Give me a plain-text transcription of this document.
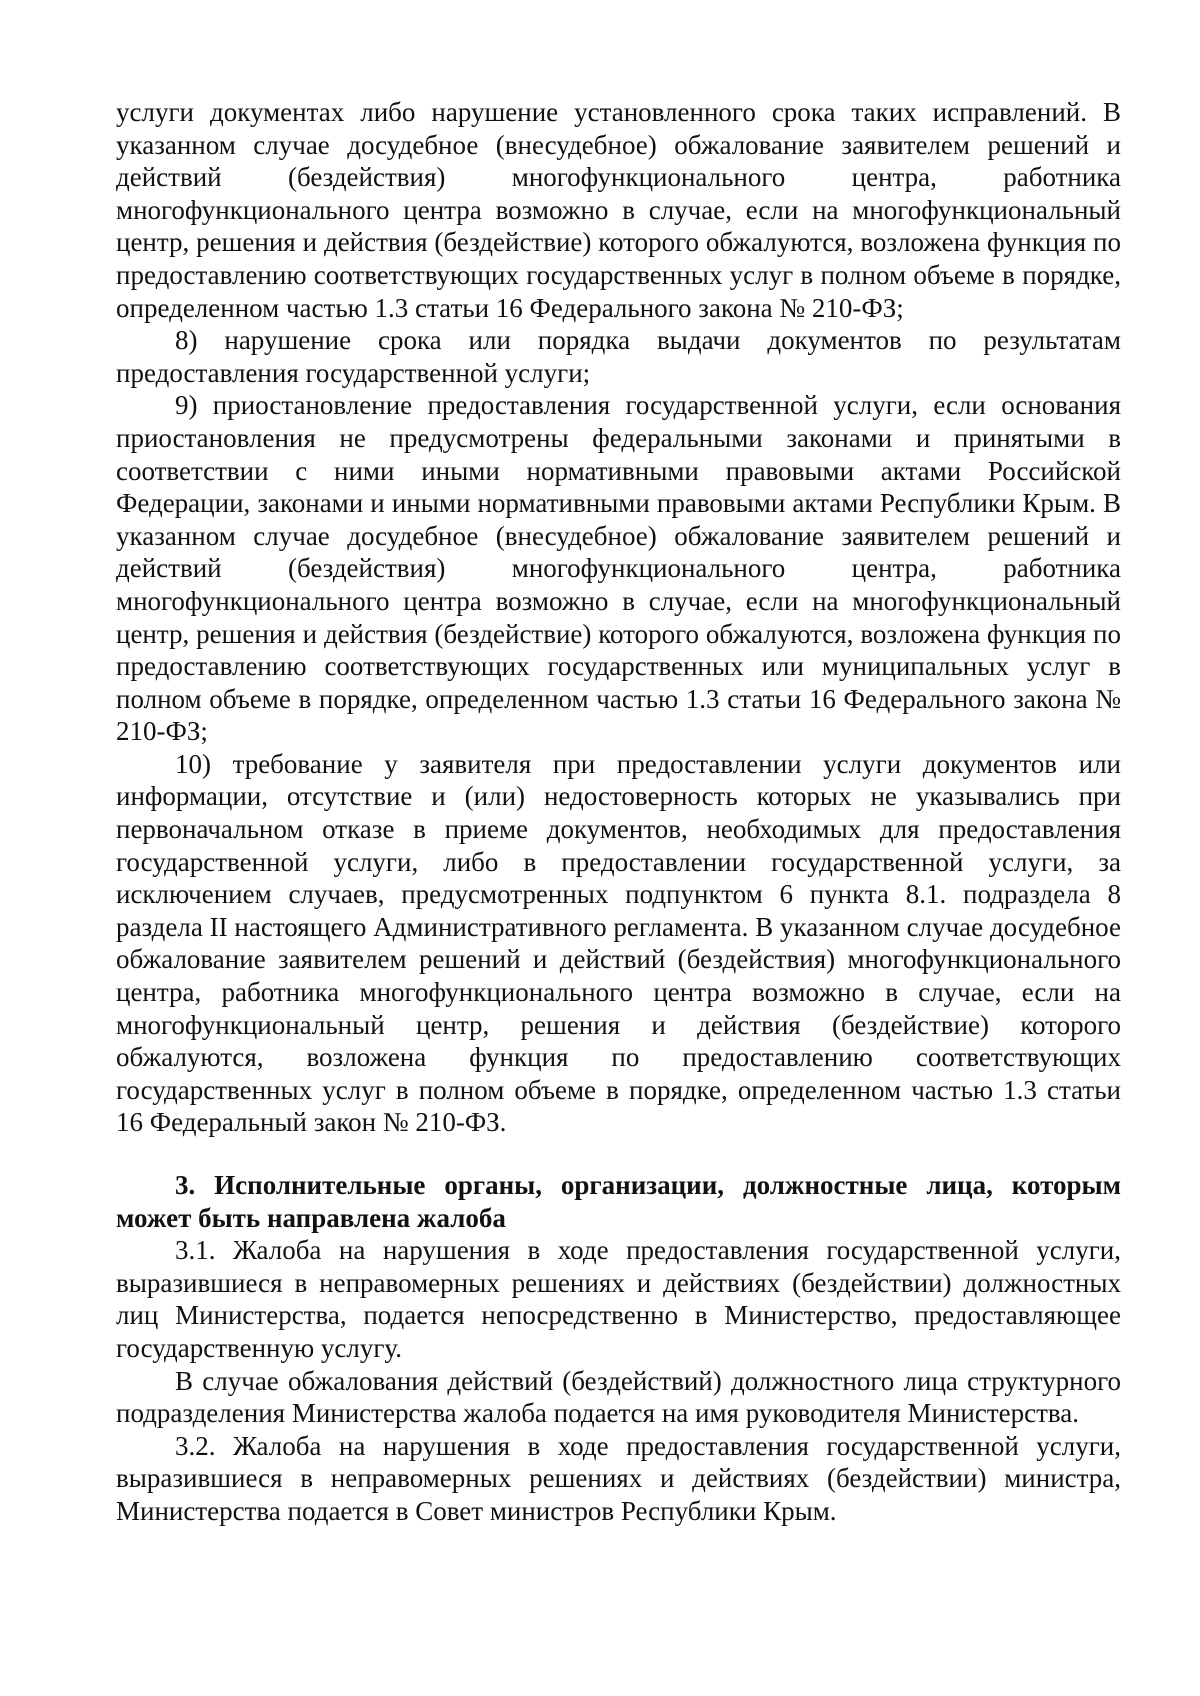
услуги документах либо нарушение установленного срока таких исправлений. В указанном случае досудебное (внесудебное) обжалование заявителем решений и действий (бездействия) многофункционального центра, работника многофункционального центра возможно в случае, если на многофункциональный центр, решения и действия (бездействие) которого обжалуются, возложена функция по предоставлению соответствующих государственных услуг в полном объеме в порядке, определенном частью 1.3 статьи 16 Федерального закона № 210-ФЗ;

8) нарушение срока или порядка выдачи документов по результатам предоставления государственной услуги;

9) приостановление предоставления государственной услуги, если основания приостановления не предусмотрены федеральными законами и принятыми в соответствии с ними иными нормативными правовыми актами Российской Федерации, законами и иными нормативными правовыми актами Республики Крым. В указанном случае досудебное (внесудебное) обжалование заявителем решений и действий (бездействия) многофункционального центра, работника многофункционального центра возможно в случае, если на многофункциональный центр, решения и действия (бездействие) которого обжалуются, возложена функция по предоставлению соответствующих государственных или муниципальных услуг в полном объеме в порядке, определенном частью 1.3 статьи 16 Федерального закона № 210-ФЗ;

10) требование у заявителя при предоставлении услуги документов или информации, отсутствие и (или) недостоверность которых не указывались при первоначальном отказе в приеме документов, необходимых для предоставления государственной услуги, либо в предоставлении государственной услуги, за исключением случаев, предусмотренных подпунктом 6 пункта 8.1. подраздела 8 раздела II настоящего Административного регламента. В указанном случае досудебное обжалование заявителем решений и действий (бездействия) многофункционального центра, работника многофункционального центра возможно в случае, если на многофункциональный центр, решения и действия (бездействие) которого обжалуются, возложена функция по предоставлению соответствующих государственных услуг в полном объеме в порядке, определенном частью 1.3 статьи 16 Федеральный закон № 210-ФЗ.

3. Исполнительные органы, организации, должностные лица, которым может быть направлена жалоба

3.1. Жалоба на нарушения в ходе предоставления государственной услуги, выразившиеся в неправомерных решениях и действиях (бездействии) должностных лиц Министерства, подается непосредственно в Министерство, предоставляющее государственную услугу.

В случае обжалования действий (бездействий) должностного лица структурного подразделения Министерства жалоба подается на имя руководителя Министерства.

3.2. Жалоба на нарушения в ходе предоставления государственной услуги, выразившиеся в неправомерных решениях и действиях (бездействии) министра, Министерства подается в Совет министров Республики Крым.
